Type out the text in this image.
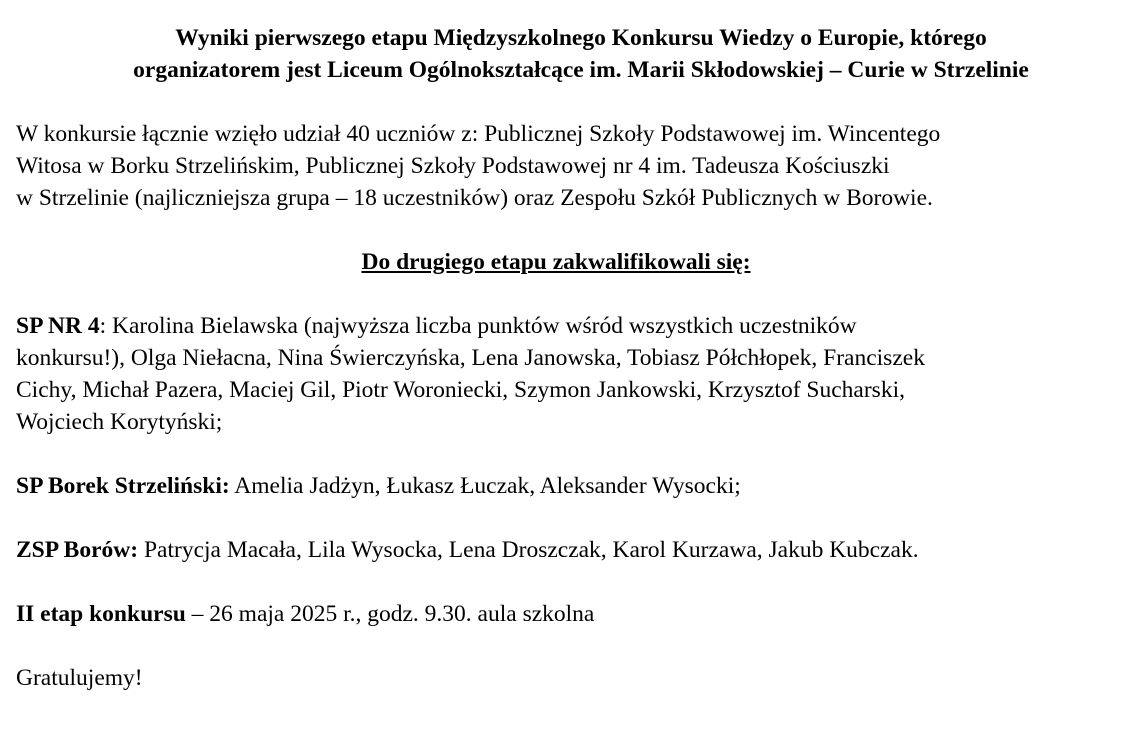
Wyniki pierwszego etapu Międzyszkolnego Konkursu Wiedzy o Europie, którego
organizatorem jest Liceum Ogólnokształcące im. Marii Skłodowskiej – Curie w Strzelinie
W konkursie łącznie wzięło udział 40 uczniów z: Publicznej Szkoły Podstawowej im. Wincentego
Witosa w Borku Strzelińskim, Publicznej Szkoły Podstawowej nr 4 im. Tadeusza Kościuszki
w Strzelinie (najliczniejsza grupa – 18 uczestników) oraz Zespołu Szkół Publicznych w Borowie.
Do drugiego etapu zakwalifikowali się:
SP NR 4: Karolina Bielawska (najwyższa liczba punktów wśród wszystkich uczestników
konkursu!), Olga Niełacna, Nina Świerczyńska, Lena Janowska, Tobiasz Półchłopek, Franciszek
Cichy, Michał Pazera, Maciej Gil, Piotr Woroniecki, Szymon Jankowski, Krzysztof Sucharski,
Wojciech Korytyński;
SP Borek Strzeliński: Amelia Jadżyn, Łukasz Łuczak, Aleksander Wysocki;
ZSP Borów: Patrycja Macała, Lila Wysocka, Lena Droszczak, Karol Kurzawa, Jakub Kubczak.
II etap konkursu – 26 maja 2025 r., godz. 9.30. aula szkolna
Gratulujemy!
